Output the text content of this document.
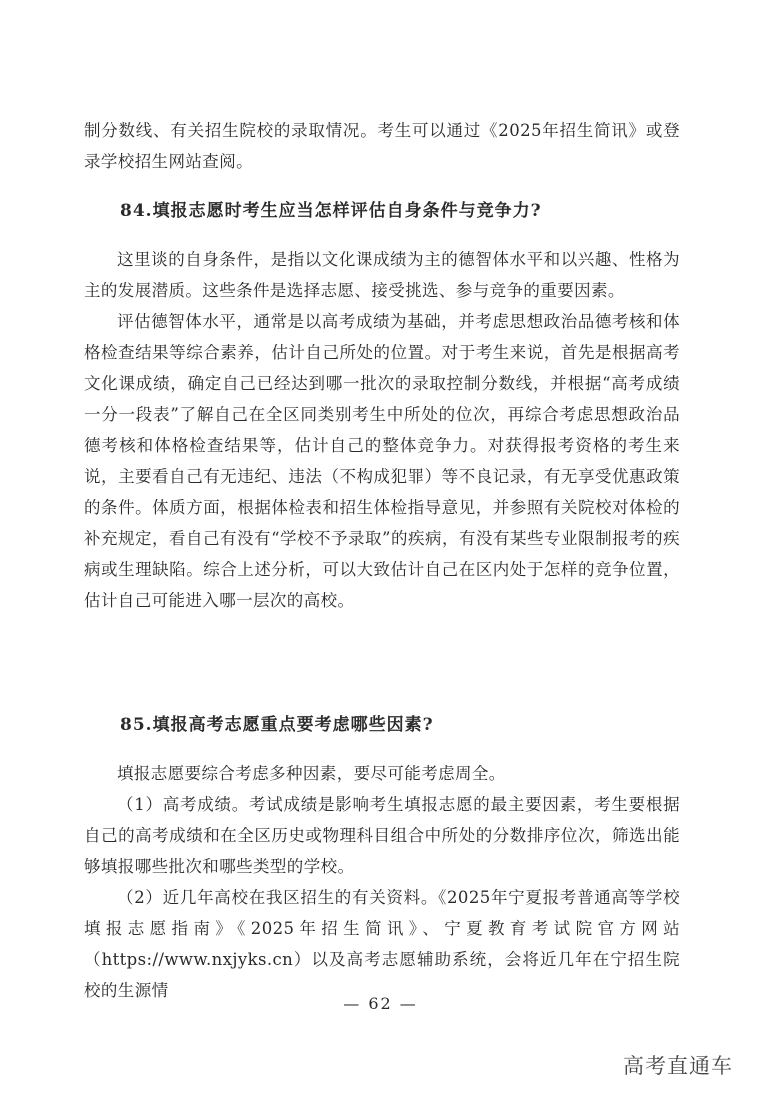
制分数线、有关招生院校的录取情况。考生可以通过《2025年招生简讯》或登录学校招生网站查阅。

84.填报志愿时考生应当怎样评估自身条件与竞争力?

这里谈的自身条件，是指以文化课成绩为主的德智体水平和以兴趣、性格为主的发展潜质。这些条件是选择志愿、接受挑选、参与竞争的重要因素。

评估德智体水平，通常是以高考成绩为基础，并考虑思想政治品德考核和体格检查结果等综合素养，估计自己所处的位置。对于考生来说，首先是根据高考文化课成绩，确定自己已经达到哪一批次的录取控制分数线，并根据“高考成绩一分一段表”了解自己在全区同类别考生中所处的位次，再综合考虑思想政治品德考核和体格检查结果等，估计自己的整体竞争力。对获得报考资格的考生来说，主要看自己有无违纪、违法（不构成犯罪）等不良记录，有无享受优惠政策的条件。体质方面，根据体检表和招生体检指导意见，并参照有关院校对体检的补充规定，看自己有没有“学校不予录取”的疾病，有没有某些专业限制报考的疾病或生理缺陷。综合上述分析，可以大致估计自己在区内处于怎样的竞争位置，估计自己可能进入哪一层次的高校。

85.填报高考志愿重点要考虑哪些因素?

填报志愿要综合考虑多种因素，要尽可能考虑周全。

（1）高考成绩。考试成绩是影响考生填报志愿的最主要因素，考生要根据自己的高考成绩和在全区历史或物理科目组合中所处的分数排序位次，筛选出能够填报哪些批次和哪些类型的学校。

（2）近几年高校在我区招生的有关资料。《2025年宁夏报考普通高等学校填报志愿指南》《2025年招生简讯》、宁夏教育考试院官方网站（https://www.nxjyks.cn）以及高考志愿辅助系统，会将近几年在宁招生院校的生源情

— 62 —
高考直通车
